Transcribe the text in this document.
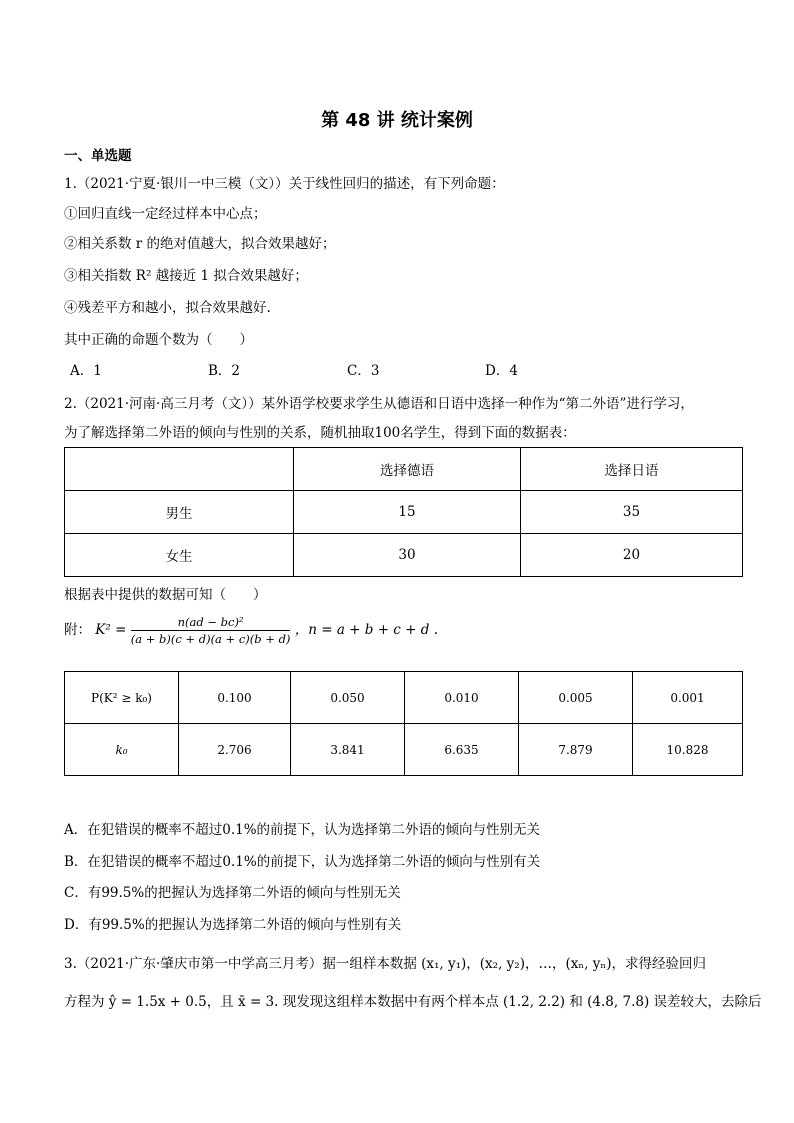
第 48 讲 统计案例
一、单选题
1.（2021·宁夏·银川一中三模（文））关于线性回归的描述，有下列命题：
①回归直线一定经过样本中心点；
②相关系数 r 的绝对值越大，拟合效果越好；
③相关指数 R² 越接近 1 拟合效果越好；
④残差平方和越小，拟合效果越好.
其中正确的命题个数为（　　）
A．1	B．2	C．3	D．4
2.（2021·河南·高三月考（文））某外语学校要求学生从德语和日语中选择一种作为“第二外语”进行学习，
为了解选择第二外语的倾向与性别的关系，随机抽取100名学生，得到下面的数据表：
	选择德语	选择日语
男生	15	35
女生	30	20
根据表中提供的数据可知（　　）
附： $K^2 = \frac{\text{n(ad − bc)²}}{(a + b)(c + d)(a + c)(b + d)}$ ，n = a + b + c + d .
P(K² ≥ k₀)	0.100	0.050	0.010	0.005	0.001
k₀	2.706	3.841	6.635	7.879	10.828
A．在犯错误的概率不超过0.1%的前提下，认为选择第二外语的倾向与性别无关
B．在犯错误的概率不超过0.1%的前提下，认为选择第二外语的倾向与性别有关
C．有99.5%的把握认为选择第二外语的倾向与性别无关
D．有99.5%的把握认为选择第二外语的倾向与性别有关
3.（2021·广东·肇庆市第一中学高三月考）据一组样本数据 (x₁, y₁)，(x₂, y₂)，…，(xₙ, yₙ)，求得经验回归
方程为 ŷ = 1.5x + 0.5，且 x̄ = 3. 现发现这组样本数据中有两个样本点 (1.2, 2.2) 和 (4.8, 7.8) 误差较大，去除后
